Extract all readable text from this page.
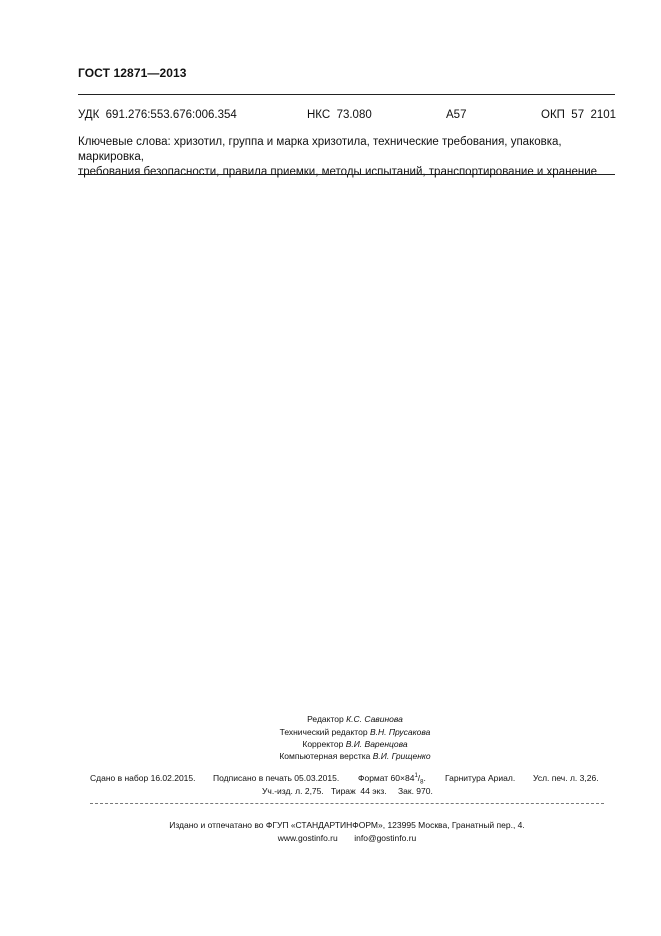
ГОСТ 12871—2013
УДК  691.276:553.676:006.354	НКС  73.080	А57	ОКП  57  2101
Ключевые слова: хризотил, группа и марка хризотила, технические требования, упаковка, маркировка,
требования безопасности, правила приемки, методы испытаний, транспортирование и хранение
Редактор К.С. Савинова
Технический редактор В.Н. Прусакова
Корректор В.И. Варенцова
Компьютерная верстка В.И. Грищенко
Сдано в набор 16.02.2015. Подписано в печать 05.03.2015. Формат $60\times 84^1/_8$. Гарнитура Ариал. Усл. печ. л. 3,26.
Уч.-изд. л. 2,75. Тираж  44 экз. Зак. 970.
Издано и отпечатано во ФГУП «СТАНДАРТИНФОРМ», 123995 Москва, Гранатный пер., 4.
www.gostinfo.ru info@gostinfo.ru
